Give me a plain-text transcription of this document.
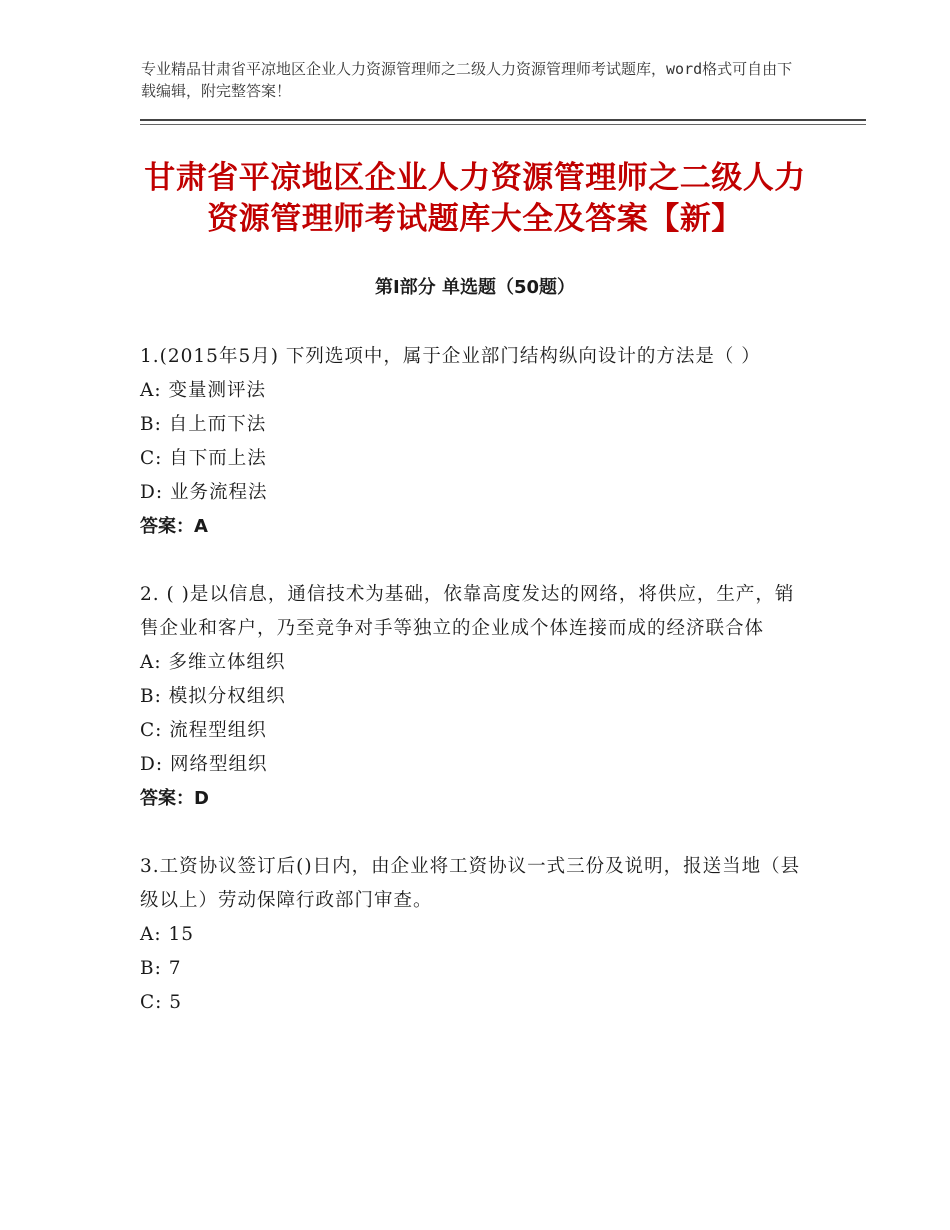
专业精品甘肃省平凉地区企业人力资源管理师之二级人力资源管理师考试题库，word格式可自由下载编辑，附完整答案！
甘肃省平凉地区企业人力资源管理师之二级人力资源管理师考试题库大全及答案【新】
第Ⅰ部分 单选题（50题）
1.(2015年5月) 下列选项中，属于企业部门结构纵向设计的方法是（ ）
A: 变量测评法
B: 自上而下法
C: 自下而上法
D: 业务流程法
答案：A
2. ( )是以信息，通信技术为基础，依靠高度发达的网络，将供应，生产，销售企业和客户，乃至竞争对手等独立的企业成个体连接而成的经济联合体
A: 多维立体组织
B: 模拟分权组织
C: 流程型组织
D: 网络型组织
答案：D
3.工资协议签订后()日内，由企业将工资协议一式三份及说明，报送当地（县级以上）劳动保障行政部门审查。
A: 15
B: 7
C: 5
